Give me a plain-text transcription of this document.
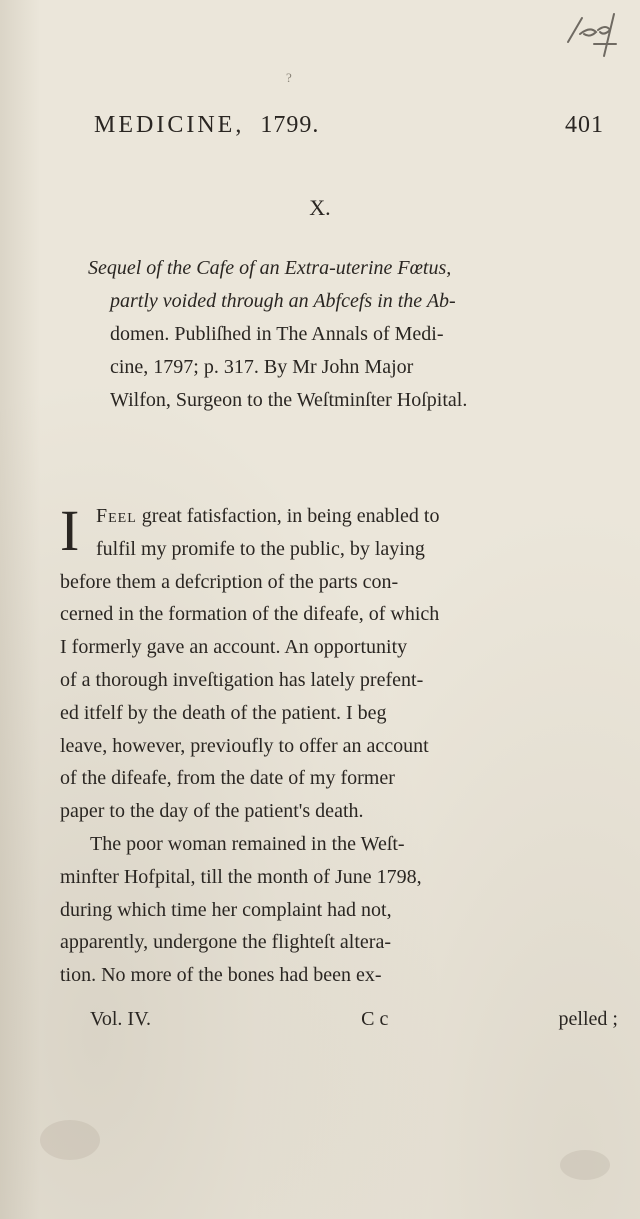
?
MEDICINE, 1799.	401
X.
Sequel of the Cafe of an Extra-uterine Fœtus,
partly voided through an Abfcefs in the Ab-
domen. Publiſhed in The Annals of Medi-
cine, 1797; p. 317. By Mr John Major
Wilfon, Surgeon to the Weſtminſter Hoſpital.
I Feel great fatisfaction, in being enabled to
fulfil my promife to the public, by laying
before them a defcription of the parts con-
cerned in the formation of the difeafe, of which
I formerly gave an account. An opportunity
of a thorough inveſtigation has lately prefent-
ed itfelf by the death of the patient. I beg
leave, however, previoufly to offer an account
of the difeafe, from the date of my former
paper to the day of the patient's death.
The poor woman remained in the Weſt-
minfter Hofpital, till the month of June 1798,
during which time her complaint had not,
apparently, undergone the flighteſt altera-
tion. No more of the bones had been ex-
Vol. IV.	C c	pelled ;
